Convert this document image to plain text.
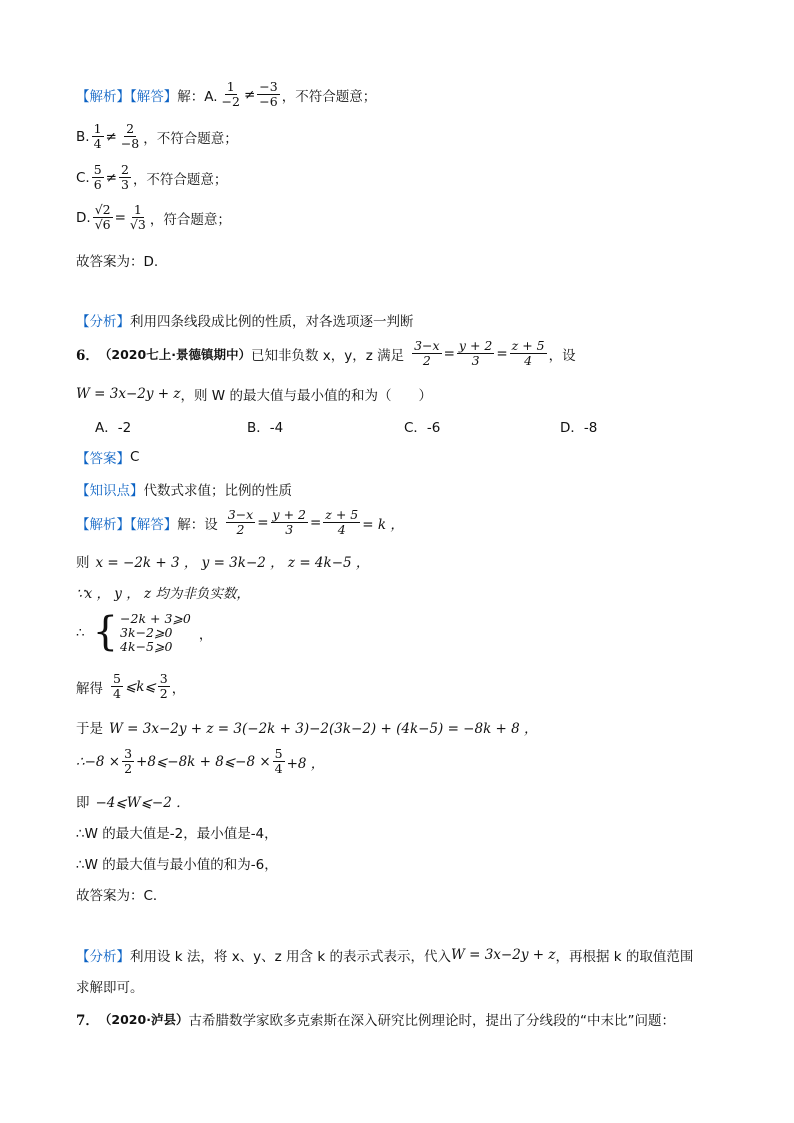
【解析】【解答】 解：A. $\frac{1}{-2} \ne \frac{-3}{-6}$ ，不符合题意；
B. $\frac{1}{4} \ne \frac{2}{-8}$ ，不符合题意；
C. $\frac{5}{6} \ne \frac{2}{3}$ ，不符合题意；
D. $\frac{√2}{√6} = \frac{1}{√3}$ ，符合题意；
故答案为：D.
【分析】 利用四条线段成比例的性质，对各选项逐一判断
6． （2020七上·景德镇期中） 已知非负数 x，y，z 满足 $\frac{3-x}{2} = \frac{y + 2}{3} = \frac{z + 5}{4}$ ，设
W = 3x−2y + z ，则 W 的最大值与最小值的和为（　　）
A．-2	B．-4	C．-6	D．-8
【答案】 C
【知识点】 代数式求值；比例的性质
【解析】【解答】 解：设 $\frac{3-x}{2} = \frac{y + 2}{3} = \frac{z + 5}{4} = k$ ，
则 x = −2k + 3 ， y = 3k−2 ， z = 4k−5 ，
∵x ， y ， z 均为非负实数，
∴ { −2k + 3⩾0
3k−2⩾0
4k−5⩾0
，
解得 $\frac{5}{4}$ ⩽k⩽ $\frac{3}{2}$ ，
于是 W = 3x−2y + z = 3(−2k + 3)−2(3k−2) + (4k−5) = −8k + 8 ，
∴−8 × $\frac{3}{2}$ +8⩽−8k + 8⩽−8 × $\frac{5}{4} +8$ ，
即 −4⩽W⩽−2 ．
∴W 的最大值是-2，最小值是-4，
∴W 的最大值与最小值的和为-6，
故答案为：C．
【分析】 利用设 k 法，将 x、y、z 用含 k 的表示式表示，代入 W = 3x−2y + z ，再根据 k 的取值范围
求解即可。
7． （2020·泸县） 古希腊数学家欧多克索斯在深入研究比例理论时，提出了分线段的“中末比”问题：
